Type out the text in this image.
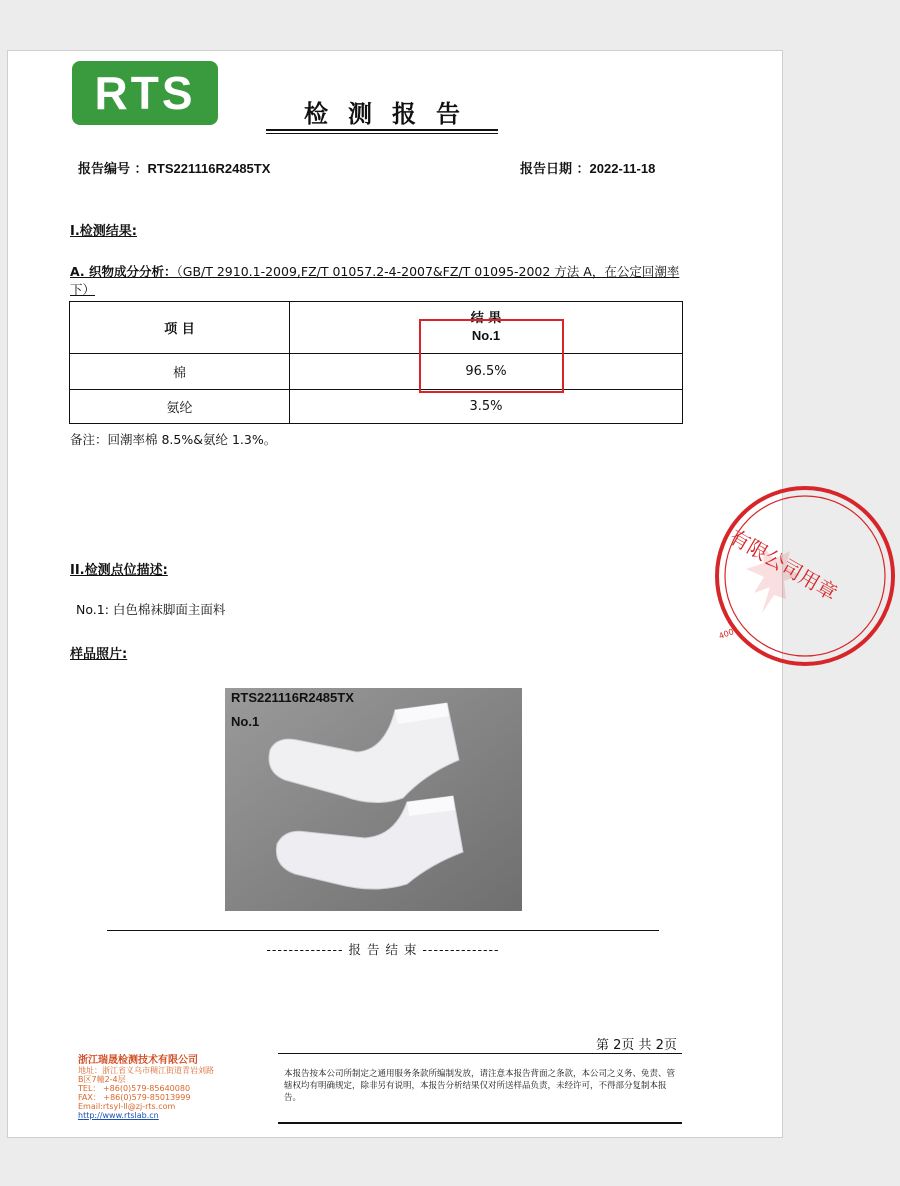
RTS	检测报告
报告编号 ：RTS221116R2485TX	报告日期 ：2022-11-18
I.检测结果:
A. 织物成分分析：（GB/T 2910.1-2009,FZ/T 01057.2-4-2007&FZ/T 01095-2002 方法 A，在公定回潮率下）
项 目	结 果
No.1

棉	96.5%
氨纶	3.5%
备注：回潮率棉 8.5%&氨纶 1.3%。
II.检测点位描述:
No.1: 白色棉袜脚面主面料
样品照片:
RTS221116R2485TX
No.1
-------------- 报 告 结 束 --------------
第 2页 共 2页
浙江瑞晟检测技术有限公司
地址：浙江省义乌市稠江街道青岩刘路
B区7幢2-4层
TEL： +86(0)579-85640080
FAX： +86(0)579-85013999
Email:rtsyl-ll@zj-rts.com
http://www.rtslab.cn
本报告按本公司所制定之通用服务条款所编制发放，请注意本报告背面之条款，本公司之义务、免责、管辖权均有明确规定，除非另有说明，本报告分析结果仅对所送样品负责，未经许可，不得部分复制本报告。
有限公司用章
400
